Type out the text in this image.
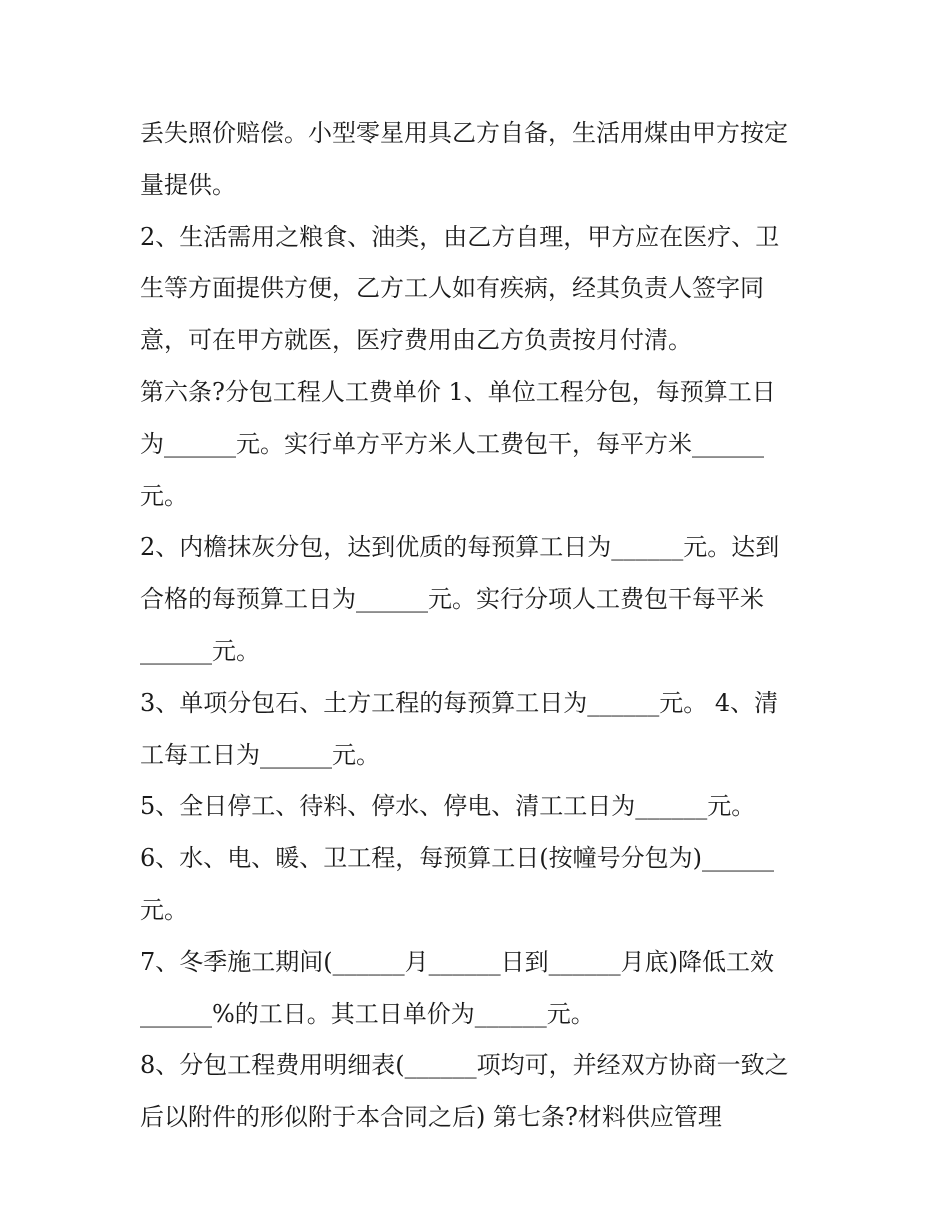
丢失照价赔偿。小型零星用具乙方自备，生活用煤由甲方按定

量提供。

2、生活需用之粮食、油类，由乙方自理，甲方应在医疗、卫

生等方面提供方便，乙方工人如有疾病，经其负责人签字同

意，可在甲方就医，医疗费用由乙方负责按月付清。

第六条?分包工程人工费单价 1、单位工程分包，每预算工日

为______元。实行单方平方米人工费包干，每平方米______

元。

2、内檐抹灰分包，达到优质的每预算工日为______元。达到

合格的每预算工日为______元。实行分项人工费包干每平米

______元。

3、单项分包石、土方工程的每预算工日为______元。 4、清

工每工日为______元。

5、全日停工、待料、停水、停电、清工工日为______元。

6、水、电、暖、卫工程，每预算工日(按幢号分包为)______

元。

7、冬季施工期间(______月______日到______月底)降低工效

______%的工日。其工日单价为______元。

8、分包工程费用明细表(______项均可，并经双方协商一致之

后以附件的形似附于本合同之后) 第七条?材料供应管理
